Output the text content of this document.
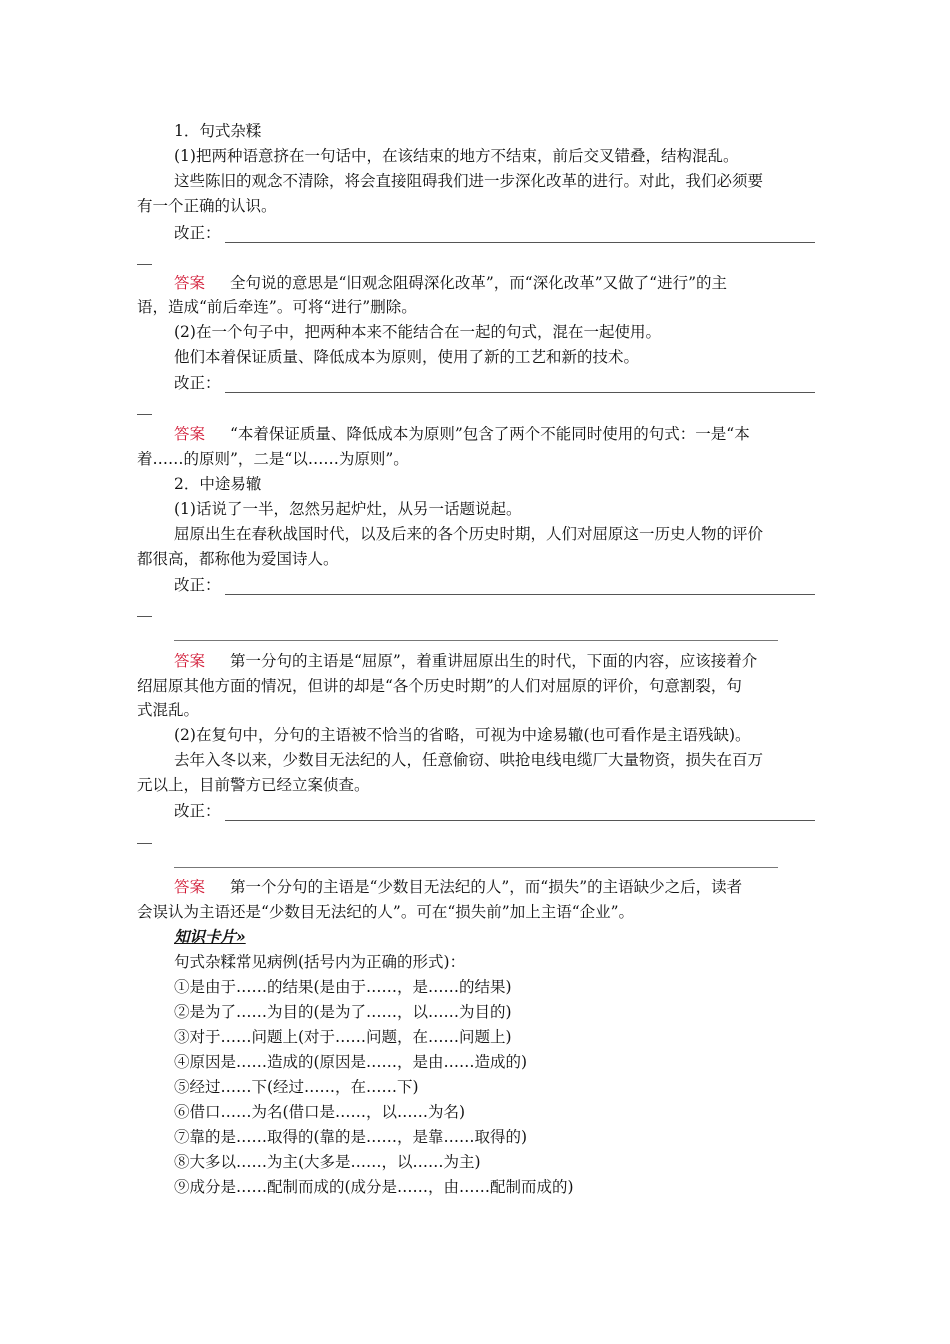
1．句式杂糅
(1)把两种语意挤在一句话中，在该结束的地方不结束，前后交叉错叠，结构混乱。
这些陈旧的观念不清除，将会直接阻碍我们进一步深化改革的进行。对此，我们必须要
有一个正确的认识。
改正：
答案 全句说的意思是“旧观念阻碍深化改革”，而“深化改革”又做了“进行”的主
语，造成“前后牵连”。可将“进行”删除。
(2)在一个句子中，把两种本来不能结合在一起的句式，混在一起使用。
他们本着保证质量、降低成本为原则，使用了新的工艺和新的技术。
改正：
答案 “本着保证质量、降低成本为原则”包含了两个不能同时使用的句式：一是“本
着……的原则”，二是“以……为原则”。
2．中途易辙
(1)话说了一半，忽然另起炉灶，从另一话题说起。
屈原出生在春秋战国时代，以及后来的各个历史时期，人们对屈原这一历史人物的评价
都很高，都称他为爱国诗人。
改正：
答案 第一分句的主语是“屈原”，着重讲屈原出生的时代，下面的内容，应该接着介
绍屈原其他方面的情况，但讲的却是“各个历史时期”的人们对屈原的评价，句意割裂，句
式混乱。
(2)在复句中，分句的主语被不恰当的省略，可视为中途易辙(也可看作是主语残缺)。
去年入冬以来，少数目无法纪的人，任意偷窃、哄抢电线电缆厂大量物资，损失在百万
元以上，目前警方已经立案侦查。
改正：
答案 第一个分句的主语是“少数目无法纪的人”，而“损失”的主语缺少之后，读者
会误认为主语还是“少数目无法纪的人”。可在“损失前”加上主语“企业”。
知识卡片»
句式杂糅常见病例(括号内为正确的形式)：
①是由于……的结果(是由于……，是……的结果)
②是为了……为目的(是为了……，以……为目的)
③对于……问题上(对于……问题，在……问题上)
④原因是……造成的(原因是……，是由……造成的)
⑤经过……下(经过……，在……下)
⑥借口……为名(借口是……，以……为名)
⑦靠的是……取得的(靠的是……，是靠……取得的)
⑧大多以……为主(大多是……，以……为主)
⑨成分是……配制而成的(成分是……，由……配制而成的)
